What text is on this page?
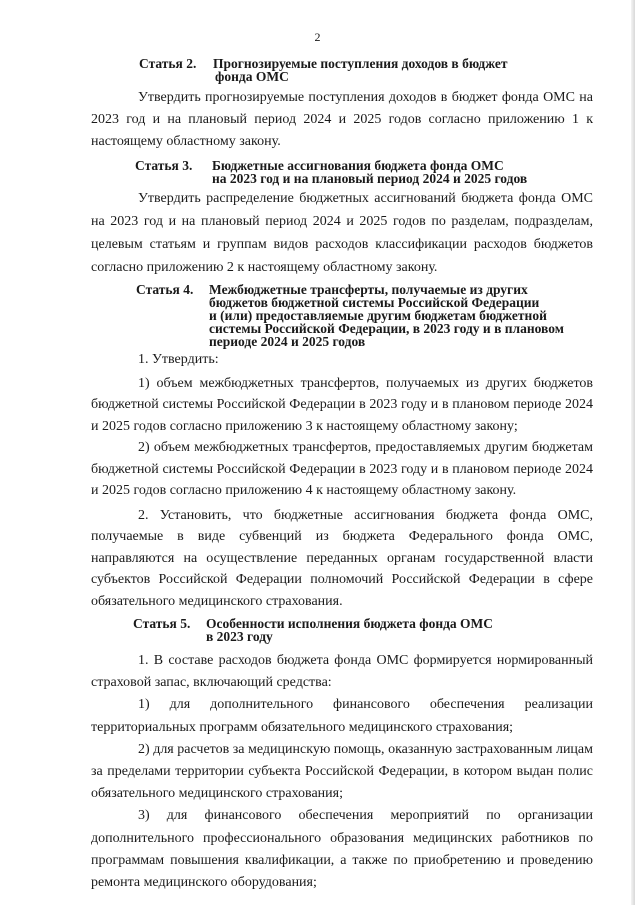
2
Статья 2. Прогнозируемые поступления доходов в бюджет
фонда ОМС

Утвердить прогнозируемые поступления доходов в бюджет фонда ОМС на 2023 год и на плановый период 2024 и 2025 годов согласно приложению 1 к настоящему областному закону.

Статья 3. Бюджетные ассигнования бюджета фонда ОМС
на 2023 год и на плановый период 2024 и 2025 годов

Утвердить распределение бюджетных ассигнований бюджета фонда ОМС на 2023 год и на плановый период 2024 и 2025 годов по разделам, подразделам, целевым статьям и группам видов расходов классификации расходов бюджетов согласно приложению 2 к настоящему областному закону.

Статья 4. Межбюджетные трансферты, получаемые из других
бюджетов бюджетной системы Российской Федерации
и (или) предоставляемые другим бюджетам бюджетной
системы Российской Федерации, в 2023 году и в плановом
периоде 2024 и 2025 годов

1. Утвердить:

1) объем межбюджетных трансфертов, получаемых из других бюджетов бюджетной системы Российской Федерации в 2023 году и в плановом периоде 2024 и 2025 годов согласно приложению 3 к настоящему областному закону;

2) объем межбюджетных трансфертов, предоставляемых другим бюджетам бюджетной системы Российской Федерации в 2023 году и в плановом периоде 2024 и 2025 годов согласно приложению 4 к настоящему областному закону.

2. Установить, что бюджетные ассигнования бюджета фонда ОМС, получаемые в виде субвенций из бюджета Федерального фонда ОМС, направляются на осуществление переданных органам государственной власти субъектов Российской Федерации полномочий Российской Федерации в сфере обязательного медицинского страхования.

Статья 5. Особенности исполнения бюджета фонда ОМС
в 2023 году

1. В составе расходов бюджета фонда ОМС формируется нормированный страховой запас, включающий средства:

1) для дополнительного финансового обеспечения реализации территориальных программ обязательного медицинского страхования;

2) для расчетов за медицинскую помощь, оказанную застрахованным лицам за пределами территории субъекта Российской Федерации, в котором выдан полис обязательного медицинского страхования;

3) для финансового обеспечения мероприятий по организации дополнительного профессионального образования медицинских работников по программам повышения квалификации, а также по приобретению и проведению ремонта медицинского оборудования;
